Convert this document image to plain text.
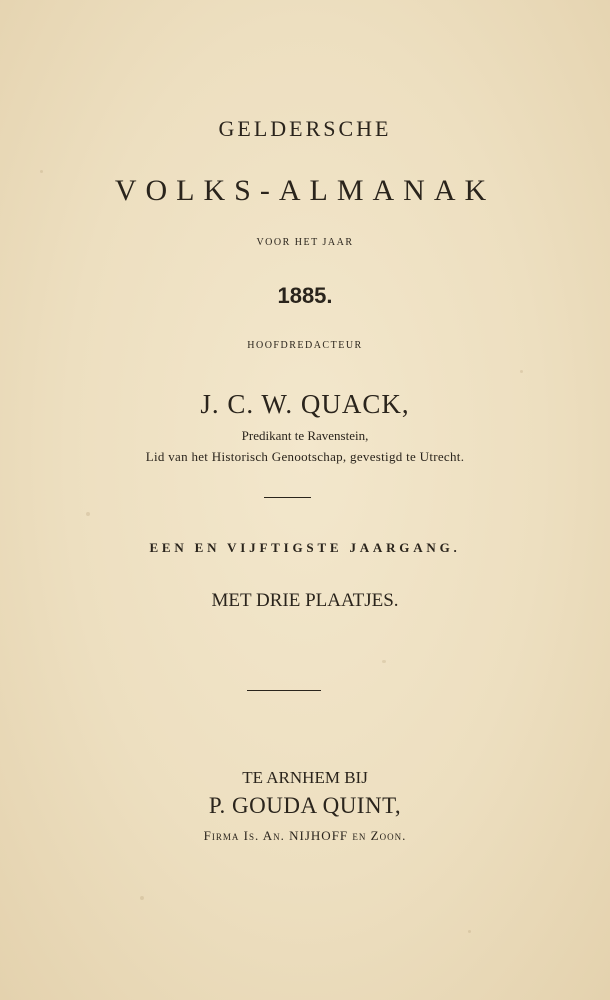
GELDERSCHE
VOLKS-ALMANAK
VOOR HET JAAR
1885.
HOOFDREDACTEUR
J. C. W. QUACK,
Predikant te Ravenstein,
Lid van het Historisch Genootschap, gevestigd te Utrecht.
EEN EN VIJFTIGSTE JAARGANG.
MET DRIE PLAATJES.
TE ARNHEM BIJ
P. GOUDA QUINT,
Firma Is. An. NIJHOFF en Zoon.
